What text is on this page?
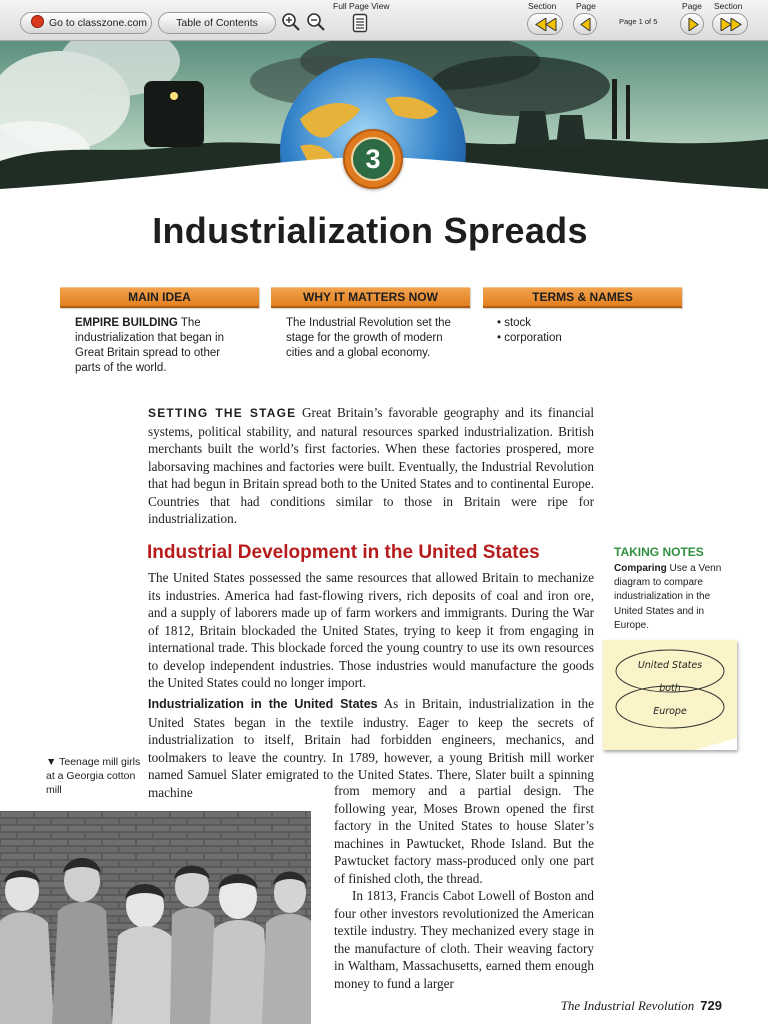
Go to classzone.com	Table of Contents
Full Page View	Section Page
Page 1 of 5
Page Section
3
Industrialization Spreads
MAIN IDEA	WHY IT MATTERS NOW	TERMS & NAMES
EMPIRE BUILDING The industrialization that began in Great Britain spread to other parts of the world.
The Industrial Revolution set the stage for the growth of modern cities and a global economy.
• stock
• corporation

SETTING THE STAGE Great Britain’s favorable geography and its financial systems, political stability, and natural resources sparked industrialization. British merchants built the world’s first factories. When these factories prospered, more laborsaving machines and factories were built. Eventually, the Industrial Revolution that had begun in Britain spread both to the United States and to continental Europe. Countries that had conditions similar to those in Britain were ripe for industrialization.

Industrial Development in the United States

The United States possessed the same resources that allowed Britain to mechanize its industries. America had fast-flowing rivers, rich deposits of coal and iron ore, and a supply of laborers made up of farm workers and immigrants. During the War of 1812, Britain blockaded the United States, trying to keep it from engaging in international trade. This blockade forced the young country to use its own resources to develop independent industries. Those industries would manufacture the goods the United States could no longer import.

Industrialization in the United States As in Britain, industrialization in the United States began in the textile industry. Eager to keep the secrets of industrialization to itself, Britain had forbidden engineers, mechanics, and toolmakers to leave the country. In 1789, however, a young British mill worker named Samuel Slater emigrated to the United States. There, Slater built a spinning machine	from memory and a partial design. The following year, Moses Brown opened the first factory in the United States to house Slater’s machines in Pawtucket, Rhode Island. But the Pawtucket factory mass-produced only one part of finished cloth, the thread.

In 1813, Francis Cabot Lowell of Boston and four other investors revolutionized the American textile industry. They mechanized every stage in the manufacture of cloth. Their weaving factory in Waltham, Massachusetts, earned them enough money to fund a larger

TAKING NOTES
Comparing Use a Venn diagram to compare industrialization in the United States and in Europe.
United States
both
Europe
▼ Teenage mill girls at a Georgia cotton mill
The Industrial Revolution 729
